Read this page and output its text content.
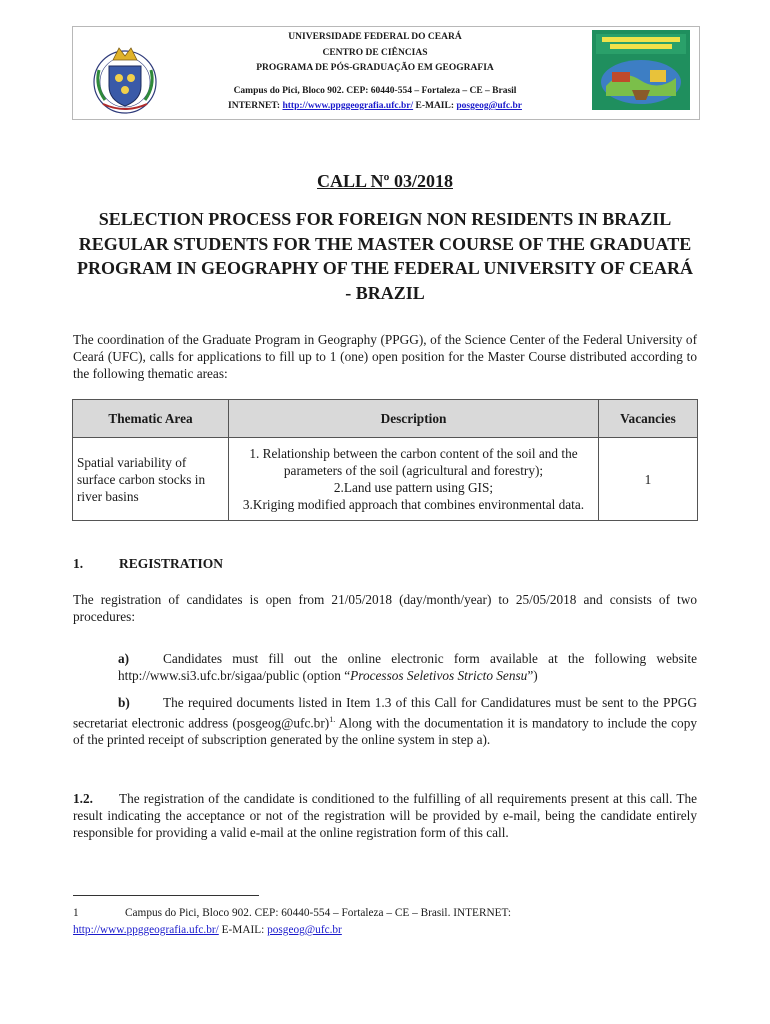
UNIVERSIDADE FEDERAL DO CEARÁ
CENTRO DE CIÊNCIAS
PROGRAMA DE PÓS-GRADUAÇÃO EM GEOGRAFIA
Campus do Pici, Bloco 902. CEP: 60440-554 – Fortaleza – CE – Brasil
INTERNET: http://www.ppggeografia.ufc.br/ E-MAIL: posgeog@ufc.br
CALL Nº 03/2018
SELECTION PROCESS FOR FOREIGN NON RESIDENTS IN BRAZIL REGULAR STUDENTS FOR THE MASTER COURSE OF THE GRADUATE PROGRAM IN GEOGRAPHY OF THE FEDERAL UNIVERSITY OF CEARÁ - BRAZIL
The coordination of the Graduate Program in Geography (PPGG), of the Science Center of the Federal University of Ceará (UFC), calls for applications to fill up to 1 (one) open position for the Master Course distributed according to the following thematic areas:
Thematic Area	Description	Vacancies
Spatial variability of surface carbon stocks in river basins	1. Relationship between the carbon content of the soil and the parameters of the soil (agricultural and forestry);
2.Land use pattern using GIS;
3.Kriging modified approach that combines environmental data.	1
1.	REGISTRATION
The registration of candidates is open from 21/05/2018 (day/month/year) to 25/05/2018 and consists of two procedures:
a)	Candidates must fill out the online electronic form available at the following website http://www.si3.ufc.br/sigaa/public (option “Processos Seletivos Stricto Sensu”)
b) The required documents listed in Item 1.3 of this Call for Candidatures must be sent to the PPGG secretariat electronic address (posgeog@ufc.br)$^{1.}$ Along with the documentation it is mandatory to include the copy of the printed receipt of subscription generated by the online system in step a).
1.2. The registration of the candidate is conditioned to the fulfilling of all requirements present at this call. The result indicating the acceptance or not of the registration will be provided by e-mail, being the candidate entirely responsible for providing a valid e-mail at the online registration form of this call.
1	Campus do Pici, Bloco 902. CEP: 60440-554 – Fortaleza – CE – Brasil. INTERNET:
http://www.ppggeografia.ufc.br/ E-MAIL: posgeog@ufc.br
